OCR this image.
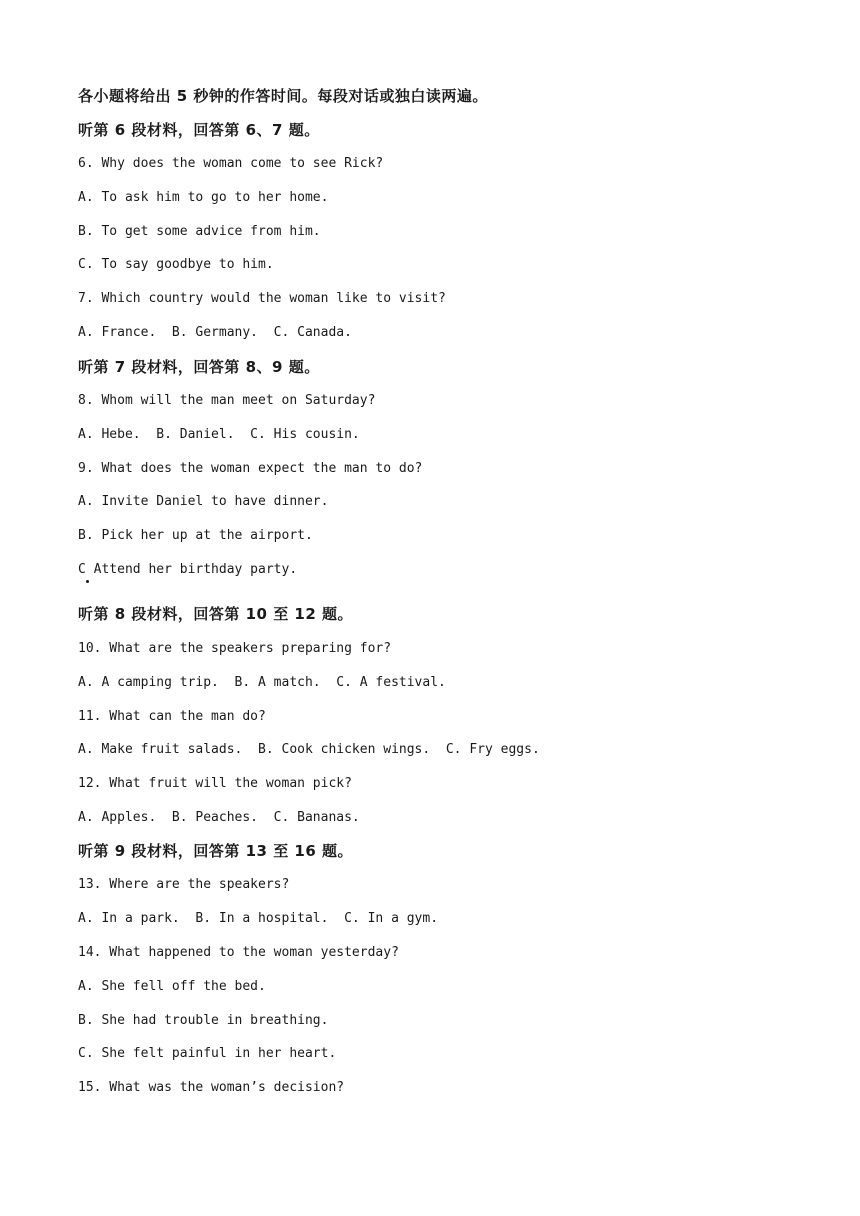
各小题将给出 5 秒钟的作答时间。每段对话或独白读两遍。
听第 6 段材料，回答第 6、7 题。
6. Why does the woman come to see Rick?
A. To ask him to go to her home.
B. To get some advice from him.
C. To say goodbye to him.
7. Which country would the woman like to visit?
A. France.  B. Germany.  C. Canada.
听第 7 段材料，回答第 8、9 题。
8. Whom will the man meet on Saturday?
A. Hebe.  B. Daniel.  C. His cousin.
9. What does the woman expect the man to do?
A. Invite Daniel to have dinner.
B. Pick her up at the airport.
C Attend her birthday party.
听第 8 段材料，回答第 10 至 12 题。
10. What are the speakers preparing for?
A. A camping trip.  B. A match.  C. A festival.
11. What can the man do?
A. Make fruit salads.  B. Cook chicken wings.  C. Fry eggs.
12. What fruit will the woman pick?
A. Apples.  B. Peaches.  C. Bananas.
听第 9 段材料，回答第 13 至 16 题。
13. Where are the speakers?
A. In a park.  B. In a hospital.  C. In a gym.
14. What happened to the woman yesterday?
A. She fell off the bed.
B. She had trouble in breathing.
C. She felt painful in her heart.
15. What was the woman’s decision?
